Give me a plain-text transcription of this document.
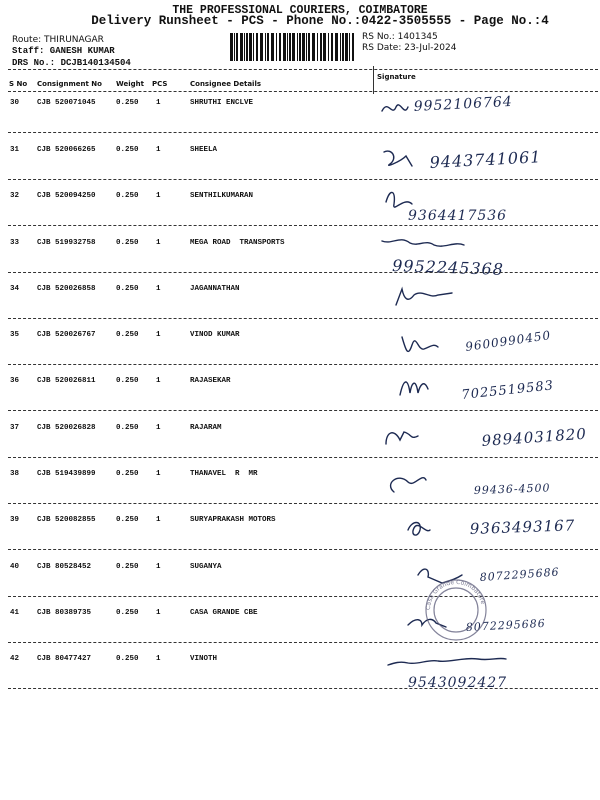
THE PROFESSIONAL COURIERS, COIMBATORE
Delivery Runsheet - PCS - Phone No.:0422-3505555 - Page No.:4
Route: THIRUNAGAR
Staff: GANESH KUMAR
DRS No.: DCJB140134504
RS No.: 1401345
RS Date: 23-Jul-2024
Signature
S No Consignment No Weight PCS	Consignee Details
30 CJB 520071045	0.250 1	SHRUTHI ENCLVE	9952106764
31 CJB 520066265	0.250 1	SHEELA	9443741061
32 CJB 520094250	0.250 1	SENTHILKUMARAN
9364417536
33 CJB 519932758	0.250 1	MEGA ROAD  TRANSPORTS
9952245368
34 CJB 520026858	0.250 1	JAGANNATHAN
35 CJB 520026767	0.250 1	VINOD KUMAR	9600990450
36 CJB 520026811	0.250 1	RAJASEKAR	7025519583
37 CJB 520026828	0.250 1	RAJARAM	9894031820
38 CJB 519439899	0.250 1	THANAVEL  R  MR
99436-4500
39 CJB 520082855	0.250 1	SURYAPRAKASH MOTORS	9363493167
40 CJB 80528452	0.250 1	SUGANYA	8072295686
41 CJB 80389735	0.250 1	CASA GRANDE CBE
8072295686
42 CJB 80477427	0.250 1	VINOTH
9543092427
Casa Grande Coimbatore
